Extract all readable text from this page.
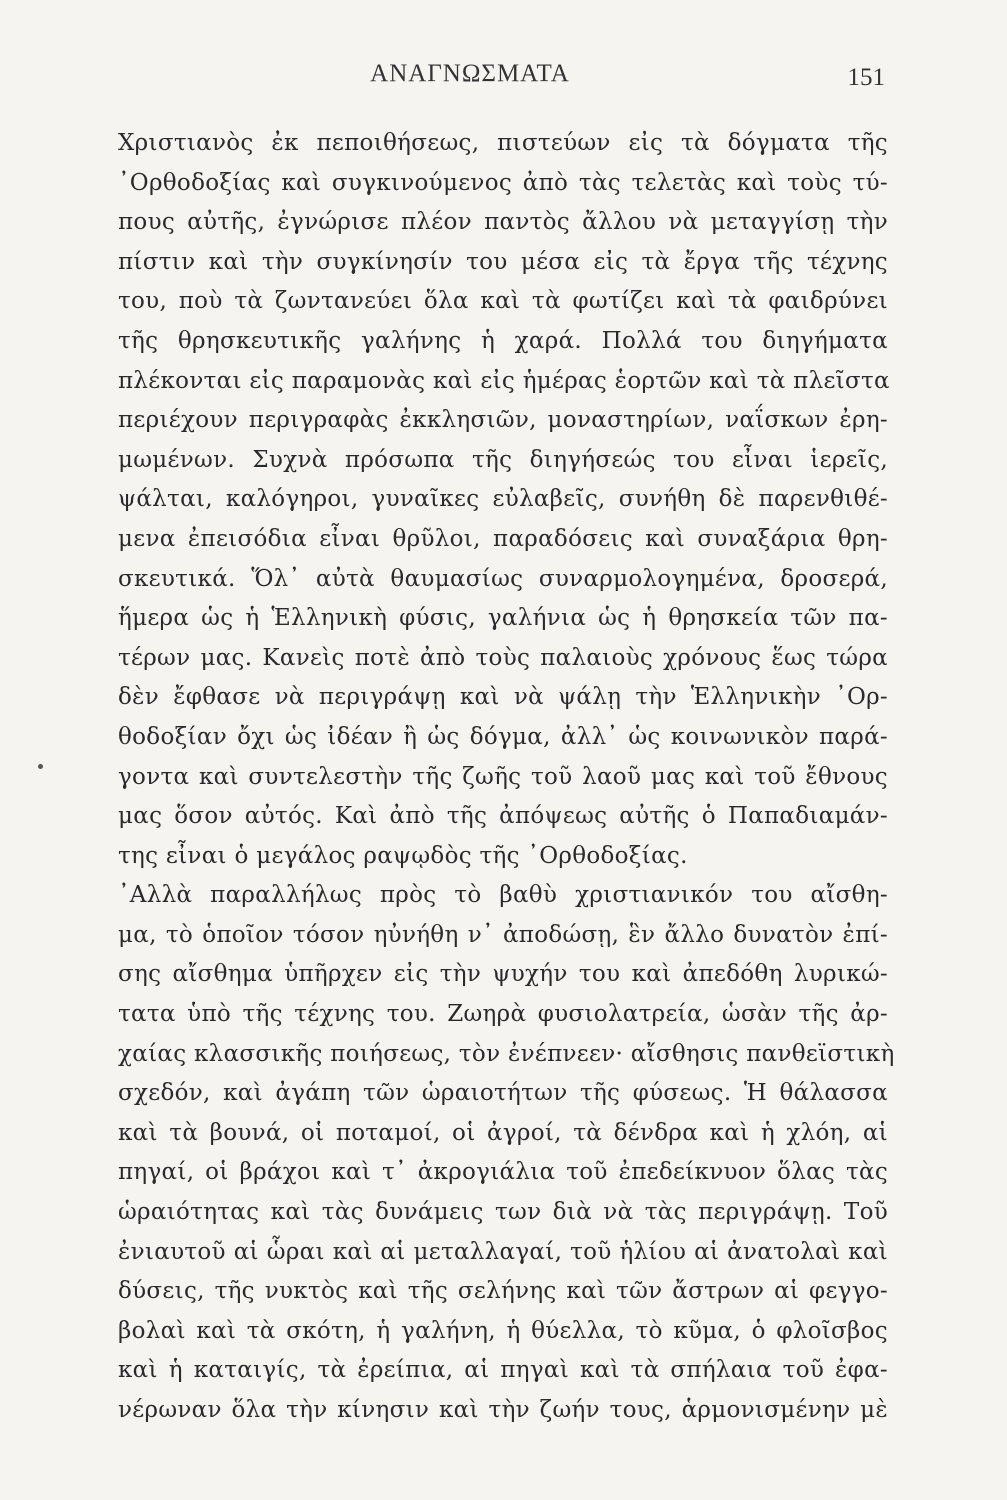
ΑΝΑΓΝΩΣΜΑΤΑ	151
Χριστιανὸς ἐκ πεποιθήσεως, πιστεύων εἰς τὰ δόγματα τῆς
᾿Ορθοδοξίας καὶ συγκινούμενος ἀπὸ τὰς τελετὰς καὶ τοὺς τύ-
πους αὐτῆς, ἐγνώρισε πλέον παντὸς ἄλλου νὰ μεταγγίσῃ τὴν
πίστιν καὶ τὴν συγκίνησίν του μέσα εἰς τὰ ἔργα τῆς τέχνης
του, ποὺ τὰ ζωντανεύει ὅλα καὶ τὰ φωτίζει καὶ τὰ φαιδρύνει
τῆς θρησκευτικῆς γαλήνης ἡ χαρά. Πολλά του διηγήματα
πλέκονται εἰς παραμονὰς καὶ εἰς ἡμέρας ἑορτῶν καὶ τὰ πλεῖστα
περιέχουν περιγραφὰς ἐκκλησιῶν, μοναστηρίων, ναΐσκων ἐρη-
μωμένων. Συχνὰ πρόσωπα τῆς διηγήσεώς του εἶναι ἱερεῖς,
ψάλται, καλόγηροι, γυναῖκες εὐλαβεῖς, συνήθη δὲ παρενθιθέ-
μενα ἐπεισόδια εἶναι θρῦλοι, παραδόσεις καὶ συναξάρια θρη-
σκευτικά. Ὅλ᾿ αὐτὰ θαυμασίως συναρμολογημένα, δροσερά,
ἥμερα ὡς ἡ Ἑλληνικὴ φύσις, γαλήνια ὡς ἡ θρησκεία τῶν πα-
τέρων μας. Κανεὶς ποτὲ ἀπὸ τοὺς παλαιοὺς χρόνους ἕως τώρα
δὲν ἔφθασε νὰ περιγράψῃ καὶ νὰ ψάλῃ τὴν Ἑλληνικὴν ᾿Ορ-
θοδοξίαν ὄχι ὡς ἰδέαν ἢ ὡς δόγμα, ἀλλ᾿ ὡς κοινωνικὸν παρά-
γοντα καὶ συντελεστὴν τῆς ζωῆς τοῦ λαοῦ μας καὶ τοῦ ἔθνους
μας ὅσον αὐτός. Καὶ ἀπὸ τῆς ἀπόψεως αὐτῆς ὁ Παπαδιαμάν-
της εἶναι ὁ μεγάλος ραψῳδὸς τῆς ᾿Ορθοδοξίας.
᾿Αλλὰ παραλλήλως πρὸς τὸ βαθὺ χριστιανικόν του αἴσθη-
μα, τὸ ὁποῖον τόσον ηὐνήθη ν᾿ ἀποδώσῃ, ἓν ἄλλο δυνατὸν ἐπί-
σης αἴσθημα ὑπῆρχεν εἰς τὴν ψυχήν του καὶ ἀπεδόθη λυρικώ-
τατα ὑπὸ τῆς τέχνης του. Ζωηρὰ φυσιολατρεία, ὡσὰν τῆς ἀρ-
χαίας κλασσικῆς ποιήσεως, τὸν ἐνέπνεεν· αἴσθησις πανθεϊστικὴ
σχεδόν, καὶ ἀγάπη τῶν ὡραιοτήτων τῆς φύσεως. Ἡ θάλασσα
καὶ τὰ βουνά, οἱ ποταμοί, οἱ ἀγροί, τὰ δένδρα καὶ ἡ χλόη, αἱ
πηγαί, οἱ βράχοι καὶ τ᾿ ἀκρογιάλια τοῦ ἐπεδείκνυον ὅλας τὰς
ὡραιότητας καὶ τὰς δυνάμεις των διὰ νὰ τὰς περιγράψῃ. Τοῦ
ἐνιαυτοῦ αἱ ὧραι καὶ αἱ μεταλλαγαί, τοῦ ἡλίου αἱ ἀνατολαὶ καὶ
δύσεις, τῆς νυκτὸς καὶ τῆς σελήνης καὶ τῶν ἄστρων αἱ φεγγο-
βολαὶ καὶ τὰ σκότη, ἡ γαλήνη, ἡ θύελλα, τὸ κῦμα, ὁ φλοῖσβος
καὶ ἡ καταιγίς, τὰ ἐρείπια, αἱ πηγαὶ καὶ τὰ σπήλαια τοῦ ἐφα-
νέρωναν ὅλα τὴν κίνησιν καὶ τὴν ζωήν τους, ἁρμονισμένην μὲ
